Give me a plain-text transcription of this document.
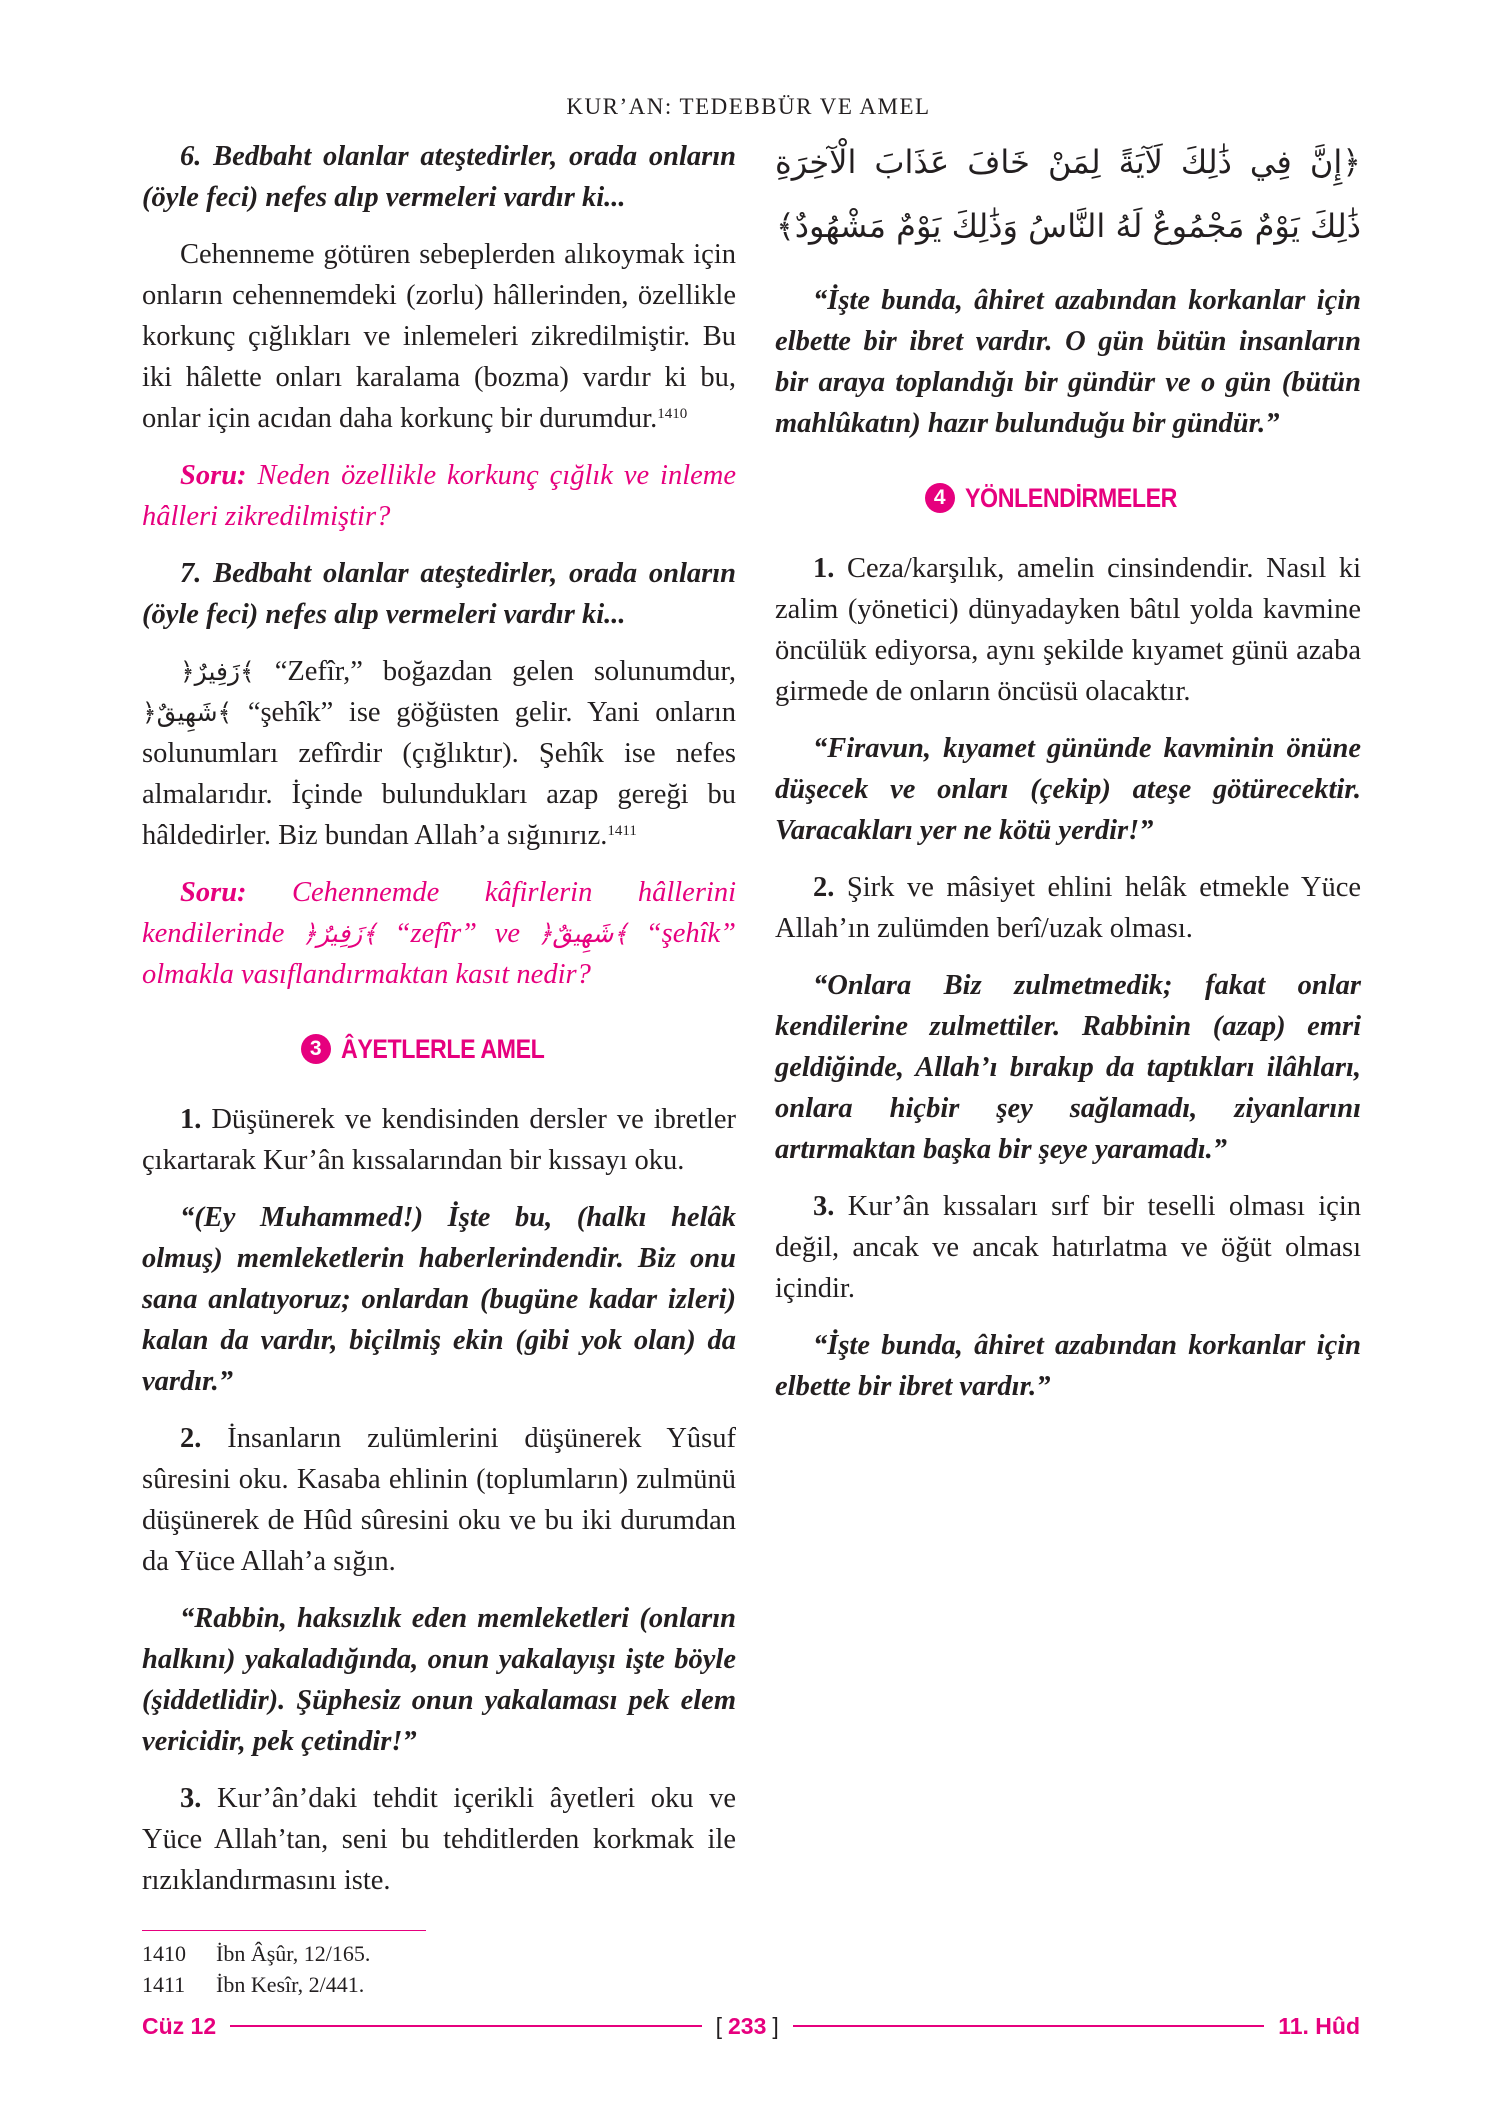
KUR’AN: TEDEBBÜR VE AMEL

6. Bedbaht olanlar ateştedirler, orada onların (öyle feci) nefes alıp vermeleri vardır ki...

Cehenneme götüren sebeplerden alıkoymak için onların cehennemdeki (zorlu) hâllerinden, özellikle korkunç çığlıkları ve inlemeleri zikredilmiştir. Bu iki hâlette onları karalama (bozma) vardır ki bu, onlar için acıdan daha korkunç bir durumdur.$^{1410}$

Soru: Neden özellikle korkunç çığlık ve inleme hâlleri zikredilmiştir?

7. Bedbaht olanlar ateştedirler, orada onların (öyle feci) nefes alıp vermeleri vardır ki...

﴿زَفِيرٌ﴾ “Zefîr,” boğazdan gelen solunumdur, ﴿شَهِيقٌ﴾ “şehîk” ise göğüsten gelir. Yani onların solunumları zefîrdir (çığlıktır). Şehîk ise nefes almalarıdır. İçinde bulundukları azap gereği bu hâldedirler. Biz bundan Allah’a sığınırız.$^{1411}$

Soru: Cehennemde kâfirlerin hâllerini kendilerinde ﴿زَفِيرٌ﴾ “zefîr” ve ﴿شَهِيقٌ﴾ “şehîk” olmakla vasıflandırmaktan kasıt nedir?

3 ÂYETLERLE AMEL

1. Düşünerek ve kendisinden dersler ve ibretler çıkartarak Kur’ân kıssalarından bir kıssayı oku.

“(Ey Muhammed!) İşte bu, (halkı helâk olmuş) memleketlerin haberlerindendir. Biz onu sana anlatıyoruz; onlardan (bugüne kadar izleri) kalan da vardır, biçilmiş ekin (gibi yok olan) da vardır.”

2. İnsanların zulümlerini düşünerek Yûsuf sûresini oku. Kasaba ehlinin (toplumların) zulmünü düşünerek de Hûd sûresini oku ve bu iki durumdan da Yüce Allah’a sığın.

“Rabbin, haksızlık eden memleketleri (onların halkını) yakaladığında, onun yakalayışı işte böyle (şiddetlidir). Şüphesiz onun yakalaması pek elem vericidir, pek çetindir!”

3. Kur’ân’daki tehdit içerikli âyetleri oku ve Yüce Allah’tan, seni bu tehditlerden korkmak ile rızıklandırmasını iste.

﴿إِنَّ فِي ذَٰلِكَ لَآيَةً لِمَنْ خَافَ عَذَابَ الْآخِرَةِ ذَٰلِكَ يَوْمٌ مَجْمُوعٌ لَهُ النَّاسُ وَذَٰلِكَ يَوْمٌ مَشْهُودٌ﴾

“İşte bunda, âhiret azabından korkanlar için elbette bir ibret vardır. O gün bütün insanların bir araya toplandığı bir gündür ve o gün (bütün mahlûkatın) hazır bulunduğu bir gündür.”

4 YÖNLENDİRMELER

1. Ceza/karşılık, amelin cinsindendir. Nasıl ki zalim (yönetici) dünyadayken bâtıl yolda kavmine öncülük ediyorsa, aynı şekilde kıyamet günü azaba girmede de onların öncüsü olacaktır.

“Firavun, kıyamet gününde kavminin önüne düşecek ve onları (çekip) ateşe götürecektir. Varacakları yer ne kötü yerdir!”

2. Şirk ve mâsiyet ehlini helâk etmekle Yüce Allah’ın zulümden berî/uzak olması.

“Onlara Biz zulmetmedik; fakat onlar kendilerine zulmettiler. Rabbinin (azap) emri geldiğinde, Allah’ı bırakıp da taptıkları ilâhları, onlara hiçbir şey sağlamadı, ziyanlarını artırmaktan başka bir şeye yaramadı.”

3. Kur’ân kıssaları sırf bir teselli olması için değil, ancak ve ancak hatırlatma ve öğüt olması içindir.

“İşte bunda, âhiret azabından korkanlar için elbette bir ibret vardır.”

1410	İbn Âşûr, 12/165.
1411	İbn Kesîr, 2/441.
Cüz 12	[ 233 ]	11. Hûd
